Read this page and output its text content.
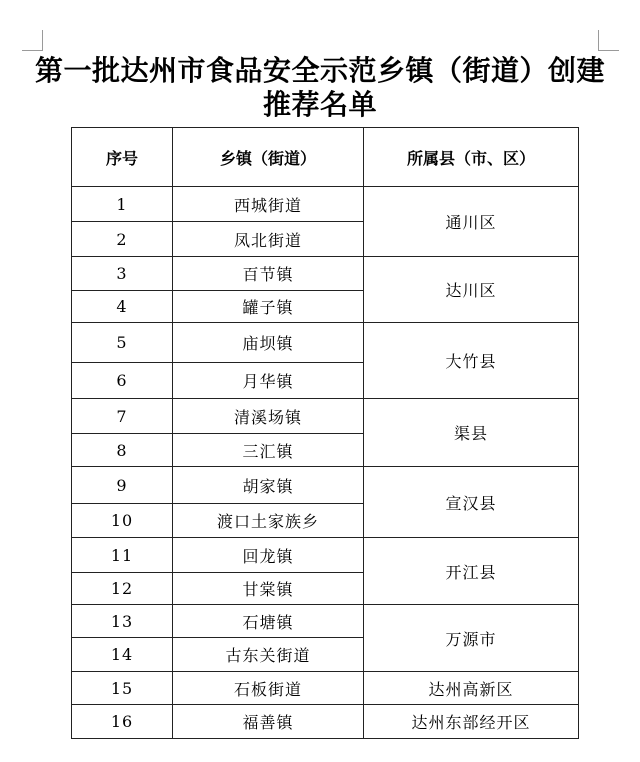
第一批达州市食品安全示范乡镇（街道）创建
推荐名单
序号	乡镇（街道）	所属县（市、区）
1	西城街道	通川区
2	凤北街道	
3	百节镇	达川区
4	罐子镇	
5	庙坝镇	大竹县
6	月华镇	
7	清溪场镇	渠县
8	三汇镇	
9	胡家镇	宣汉县
10	渡口土家族乡	
11	回龙镇	开江县
12	甘棠镇	
13	石塘镇	万源市
14	古东关街道	
15	石板街道	达州高新区
16	福善镇	达州东部经开区
